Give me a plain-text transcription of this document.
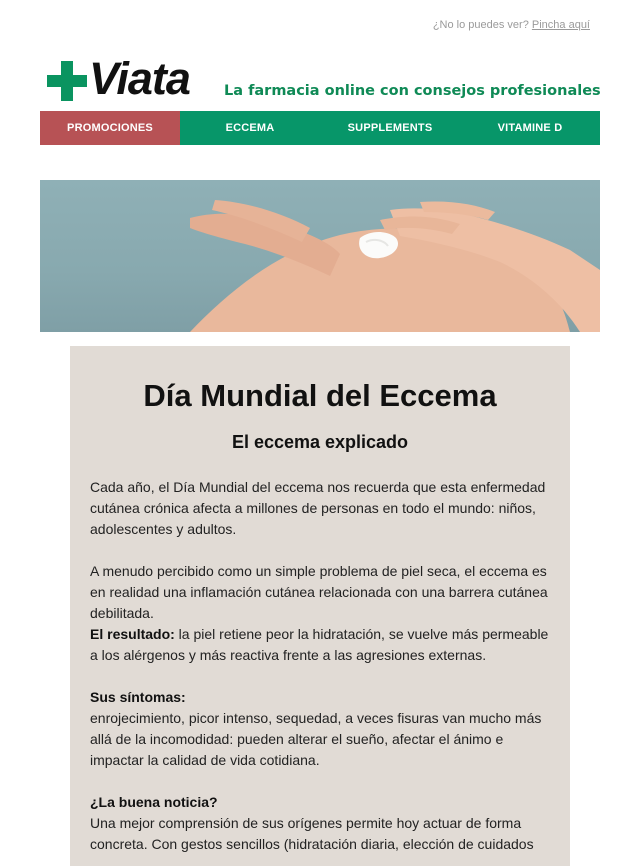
¿No lo puedes ver? Pincha aquí
Viata La farmacia online con consejos profesionales
PROMOCIONES	ECCEMA	SUPPLEMENTS	VITAMINE D
Día Mundial del Eccema
El eccema explicado

Cada año, el Día Mundial del eccema nos recuerda que esta enfermedad cutánea crónica afecta a millones de personas en todo el mundo: niños, adolescentes y adultos.

A menudo percibido como un simple problema de piel seca, el eccema es en realidad una inflamación cutánea relacionada con una barrera cutánea debilitada.

El resultado: la piel retiene peor la hidratación, se vuelve más permeable a los alérgenos y más reactiva frente a las agresiones externas.

Sus síntomas:

enrojecimiento, picor intenso, sequedad, a veces fisuras van mucho más allá de la incomodidad: pueden alterar el sueño, afectar el ánimo e impactar la calidad de vida cotidiana.

¿La buena noticia?

Una mejor comprensión de sus orígenes permite hoy actuar de forma concreta. Con gestos sencillos (hidratación diaria, elección de cuidados
